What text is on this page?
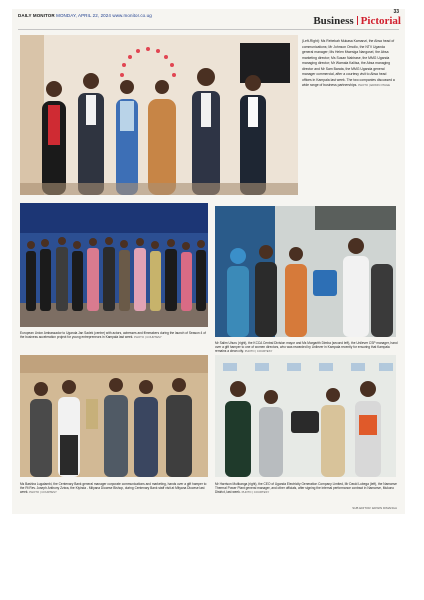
DAILY MONITOR MONDAY, APRIL 22, 2024 www.monitor.co.ug
33
Business Pictorial
(Left-Right): Ms Rebekah Mukasa Kamanzi, the Absa head of communications; Mr Johnson Omollo, the NTV Uganda general manager; Ms Helen Mwesiga Nangosel, the Absa marketing director; Ms Susan Nabirase, the MMG Uganda managing director; Mr Wamala Kaliisa, the Absa managing director and Mr Sam Barata, the MMG Uganda general manager commercial, after a courtesy visit to Absa head offices in Kampala last week. The two companies discussed a wide range of business partnerships. PHOTO | EDWIN OTAGE
European Union Ambassador to Uganda Jan Sadek (centre) with actors, actresses and filmmakers during the launch of Season 4 of the business acceleration project for young entrepreneurs in Kampala last week. PHOTO | COURTESY
Mr Salim Uhuru (right), the KCCA Central Division mayor and Ms Margarith Dimba (second left), the Unilever CSP manager, hand over a gift hamper to one of women directors, who was rewarded by Unilever in Kampala recently for ensuring that Kampala remains a clean city. PHOTO | COURTESY
Ms Bashira Lugalambi, the Centenary Bank general manager corporate communications and marketing, hands over a gift hamper to the Rt Rev. Joseph Anthony Zziwa, the Kiyinda - Mityana Diocese Bishop, during Centenary Bank staff visit at Mityana Diocese last week. PHOTO | COURTESY
Mr Harrison Mutikanga (right), the CEO of Uganda Electricity Generation Company Limited, Mr David Lubega (left), the Namanve Thermal Power Plant general manager, and other officials, after signing the internal performance contract in Namanve, Mukono District, last week. PHOTO | COURTESY
SUB EDITOR: EDWIN DIMANGA
